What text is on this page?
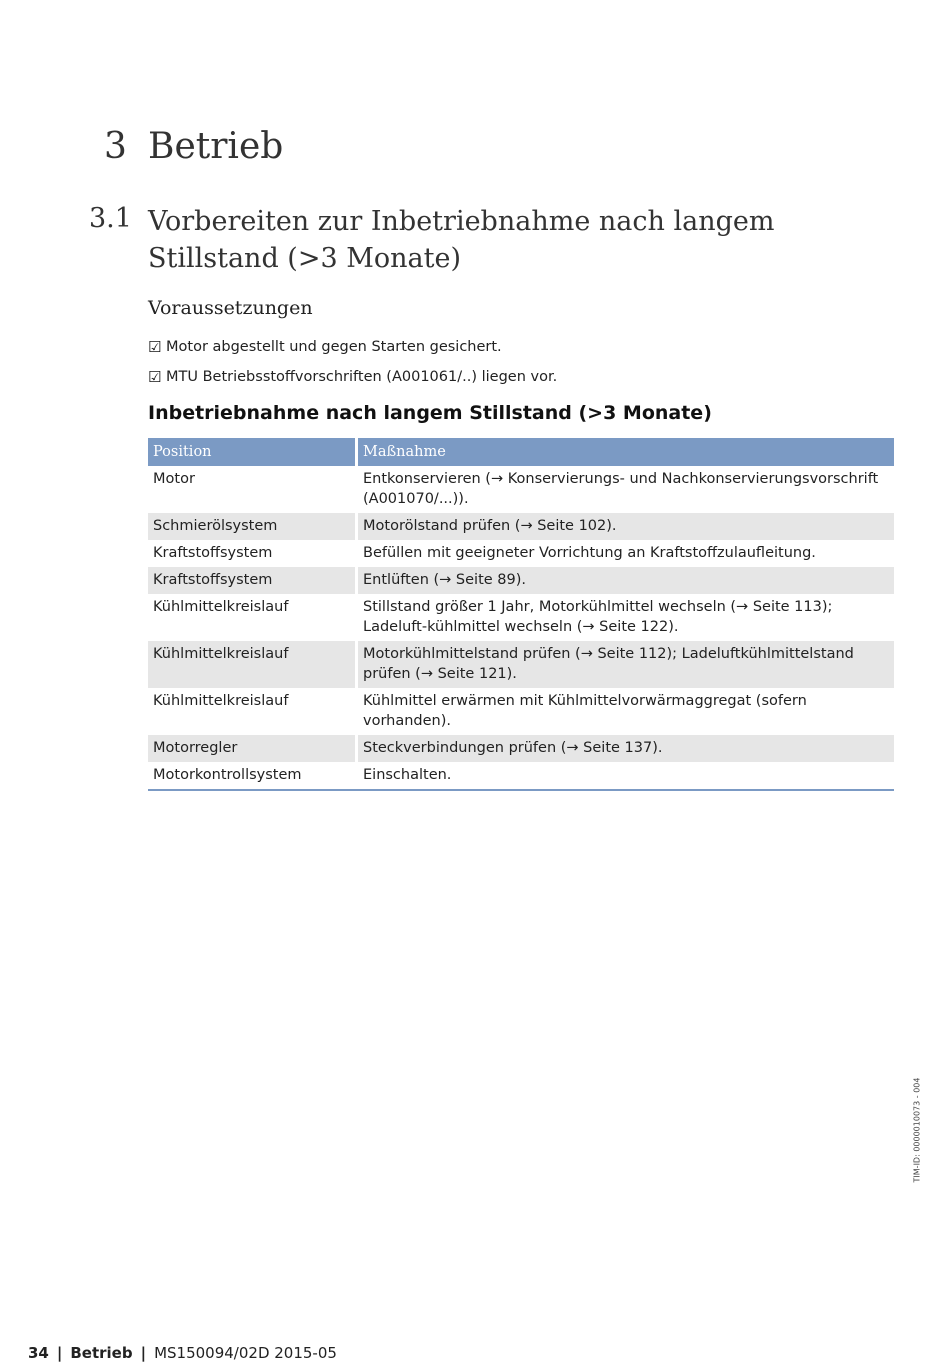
3 Betrieb
3.1 Vorbereiten zur Inbetriebnahme nach langem Stillstand (>3 Monate)
Voraussetzungen
☑ Motor abgestellt und gegen Starten gesichert.
☑ MTU Betriebsstoffvorschriften (A001061/..) liegen vor.
Inbetriebnahme nach langem Stillstand (>3 Monate)
Position	Maßnahme
Motor	Entkonservieren (→ Konservierungs- und Nachkonservierungsvorschrift (A001070/...)).
Schmierölsystem	Motorölstand prüfen (→ Seite 102).
Kraftstoffsystem	Befüllen mit geeigneter Vorrichtung an Kraftstoffzulaufleitung.
Kraftstoffsystem	Entlüften (→ Seite 89).
Kühlmittelkreislauf	Stillstand größer 1 Jahr, Motorkühlmittel wechseln (→ Seite 113); Ladeluft-kühlmittel wechseln (→ Seite 122).
Kühlmittelkreislauf	Motorkühlmittelstand prüfen (→ Seite 112); Ladeluftkühlmittelstand prüfen (→ Seite 121).
Kühlmittelkreislauf	Kühlmittel erwärmen mit Kühlmittelvorwärmaggregat (sofern vorhanden).
Motorregler	Steckverbindungen prüfen (→ Seite 137).
Motorkontrollsystem	Einschalten.
TIM-ID: 0000010073 - 004
34 | Betrieb | MS150094/02D 2015-05
